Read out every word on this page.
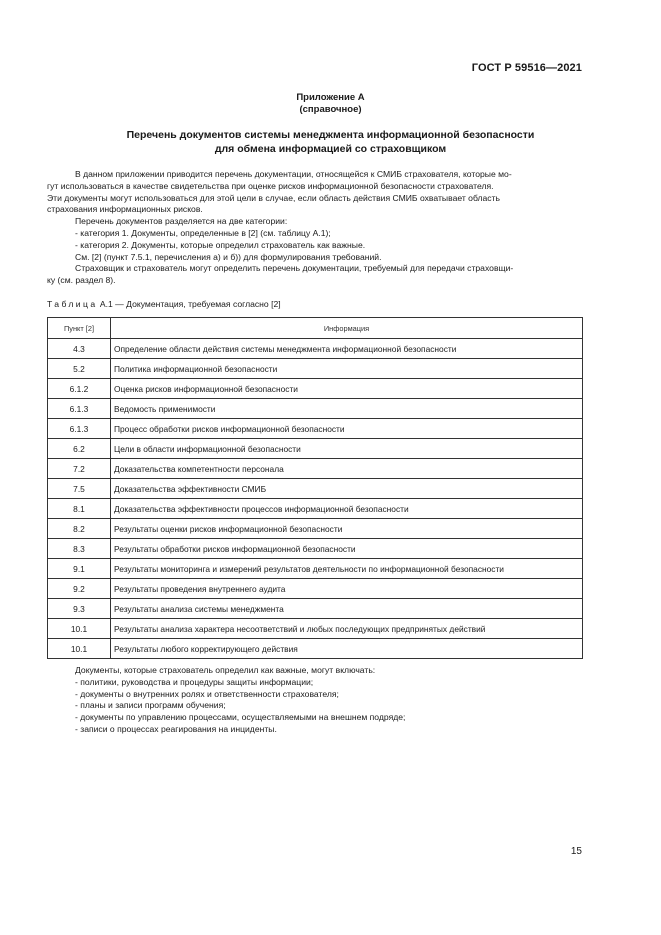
ГОСТ Р 59516—2021
Приложение А
(справочное)
Перечень документов системы менеджмента информационной безопасности
для обмена информацией со страховщиком

В данном приложении приводится перечень документации, относящейся к СМИБ страхователя, которые мо-

гут использоваться в качестве свидетельства при оценке рисков информационной безопасности страхователя.

Эти документы могут использоваться для этой цели в случае, если область действия СМИБ охватывает область

страхования информационных рисков.

Перечень документов разделяется на две категории:

- категория 1. Документы, определенные в [2] (см. таблицу А.1);

- категория 2. Документы, которые определил страхователь как важные.

См. [2] (пункт 7.5.1, перечисления а) и б)) для формулирования требований.

Страховщик и страхователь могут определить перечень документации, требуемый для передачи страховщи-

ку (см. раздел 8).

Таблица А.1 — Документация, требуемая согласно [2]
Пункт [2]	Информация
4.3	Определение области действия системы менеджмента информационной безопасности
5.2	Политика информационной безопасности
6.1.2	Оценка рисков информационной безопасности
6.1.3	Ведомость применимости
6.1.3	Процесс обработки рисков информационной безопасности
6.2	Цели в области информационной безопасности
7.2	Доказательства компетентности персонала
7.5	Доказательства эффективности СМИБ
8.1	Доказательства эффективности процессов информационной безопасности
8.2	Результаты оценки рисков информационной безопасности
8.3	Результаты обработки рисков информационной безопасности
9.1	Результаты мониторинга и измерений результатов деятельности по информационной безопасности
9.2	Результаты проведения внутреннего аудита
9.3	Результаты анализа системы менеджмента
10.1	Результаты анализа характера несоответствий и любых последующих предпринятых действий
10.1	Результаты любого корректирующего действия

Документы, которые страхователь определил как важные, могут включать:

- политики, руководства и процедуры защиты информации;

- документы о внутренних ролях и ответственности страхователя;

- планы и записи программ обучения;

- документы по управлению процессами, осуществляемыми на внешнем подряде;

- записи о процессах реагирования на инциденты.

15
